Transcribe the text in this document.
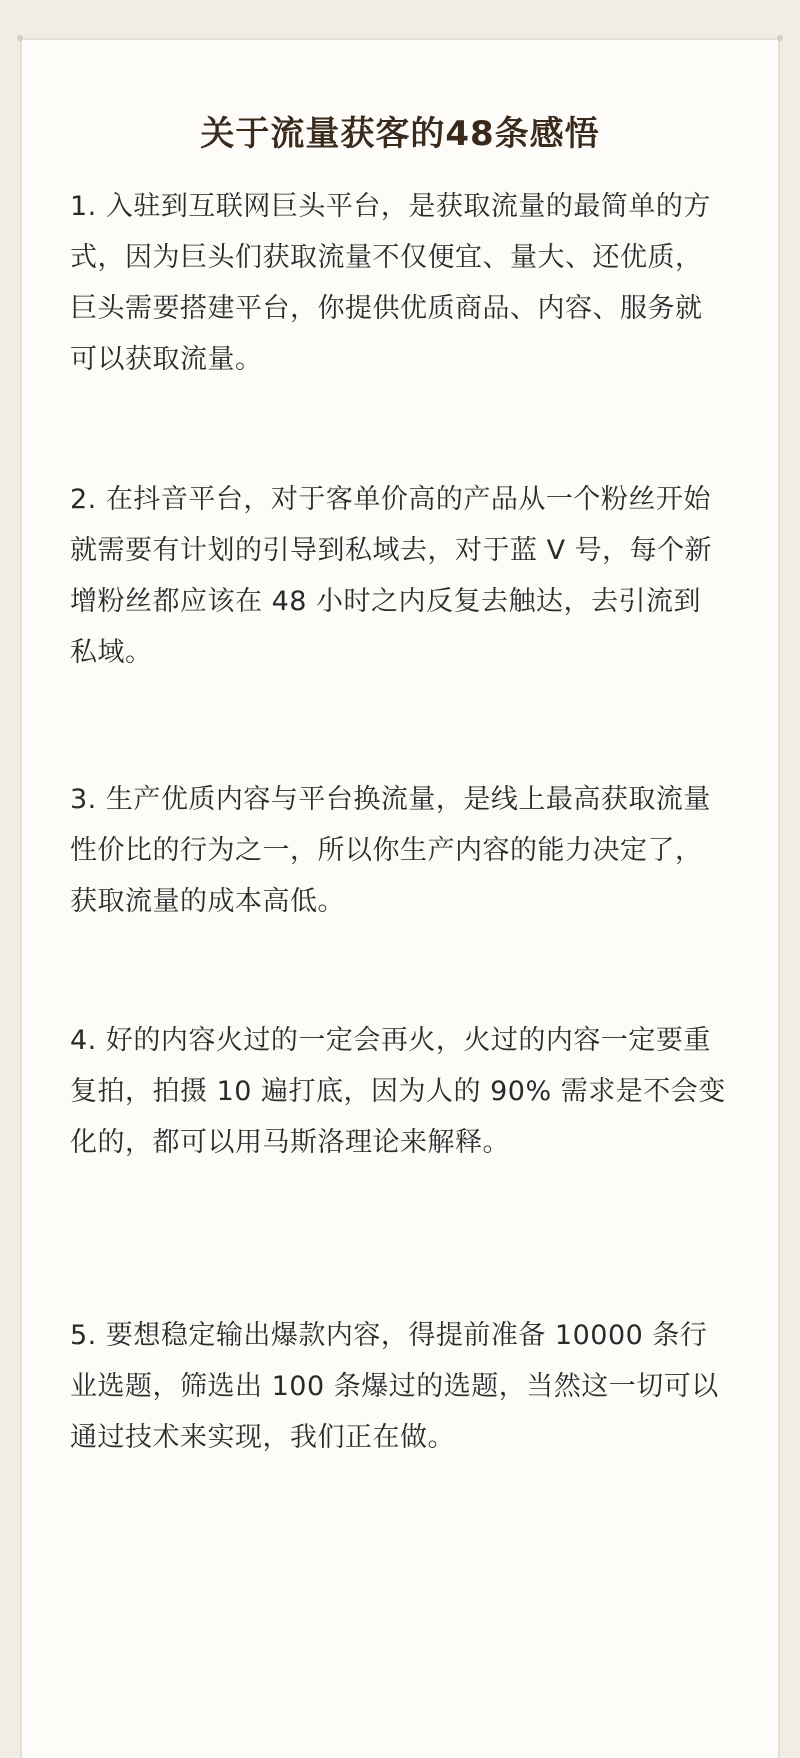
关于流量获客的48条感悟
1. 入驻到互联网巨头平台，是获取流量的最简单的方式，因为巨头们获取流量不仅便宜、量大、还优质，巨头需要搭建平台，你提供优质商品、内容、服务就可以获取流量。
2. 在抖音平台，对于客单价高的产品从一个粉丝开始就需要有计划的引导到私域去，对于蓝 V 号，每个新增粉丝都应该在 48 小时之内反复去触达，去引流到私域。
3. 生产优质内容与平台换流量，是线上最高获取流量性价比的行为之一，所以你生产内容的能力决定了，获取流量的成本高低。
4. 好的内容火过的一定会再火，火过的内容一定要重复拍，拍摄 10 遍打底，因为人的 90% 需求是不会变化的，都可以用马斯洛理论来解释。
5. 要想稳定输出爆款内容，得提前准备 10000 条行业选题，筛选出 100 条爆过的选题，当然这一切可以通过技术来实现，我们正在做。
